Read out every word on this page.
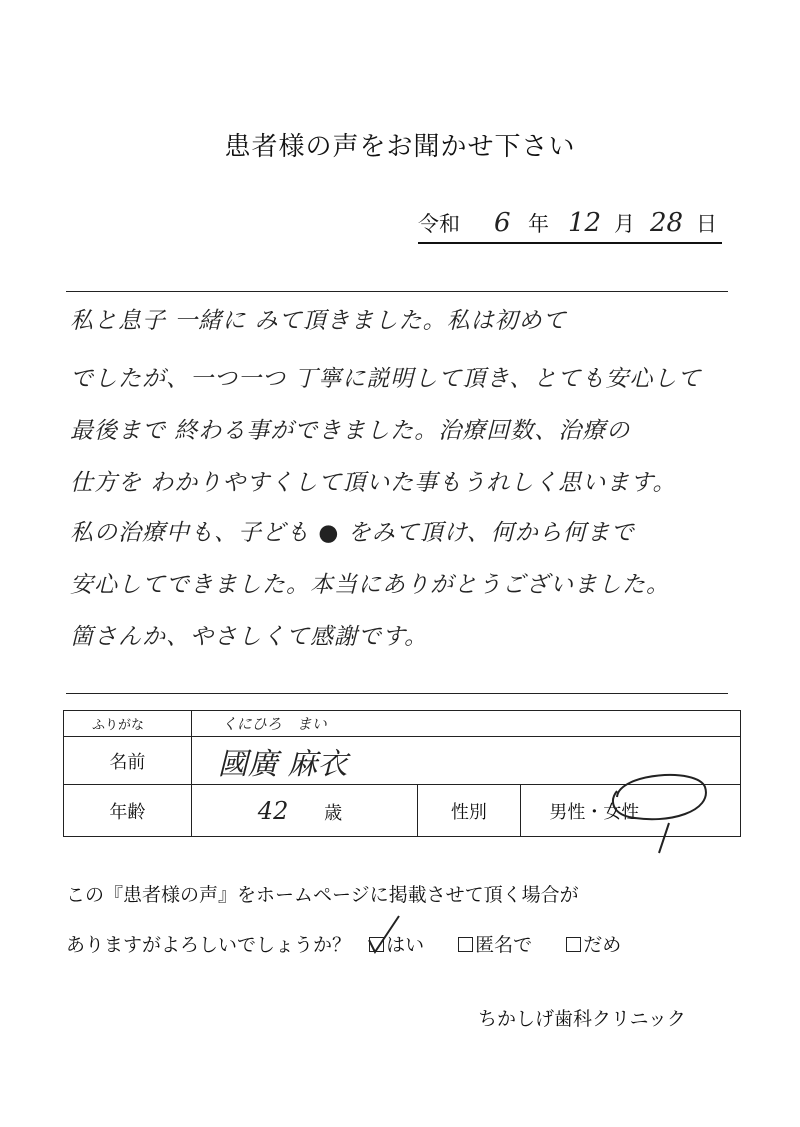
患者様の声をお聞かせ下さい
令和 6 年 12 月 28 日
私と息子 一緒に みて頂きました。私は初めて
でしたが、一つ一つ 丁寧に説明して頂き、とても安心して
最後まで 終わる事ができました。治療回数、治療の
仕方を わかりやすくして頂いた事もうれしく思います。
私の治療中も、子ども ● をみて頂け、何から何まで
安心してできました。本当にありがとうございました。
箇さんか、やさしくて感謝です。
ふりがな	くにひろ　まい		
名前	國廣 麻衣		
年齢	42 歳	性別	男性・女性
この『患者様の声』をホームページに掲載させて頂く場合が
ありますがよろしいでしょうか？ はい	匿名で	だめ
ちかしげ歯科クリニック
